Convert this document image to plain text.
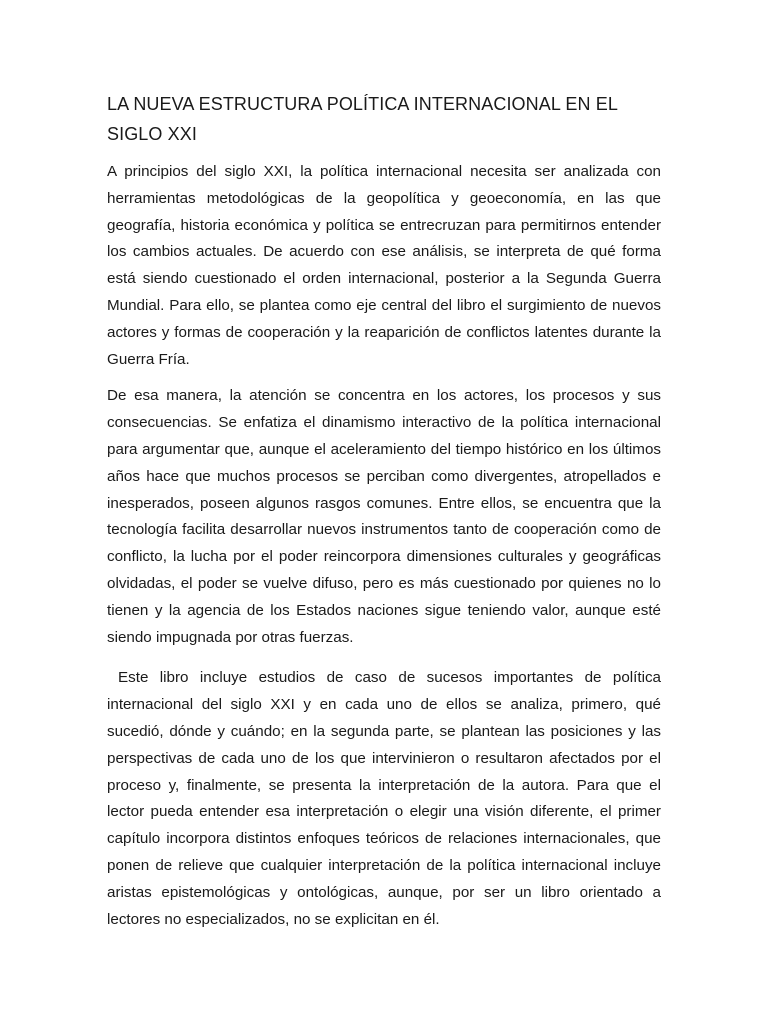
LA NUEVA ESTRUCTURA POLÍTICA INTERNACIONAL EN EL SIGLO XXI

A principios del siglo XXI, la política internacional necesita ser analizada con herramientas metodológicas de la geopolítica y geoeconomía, en las que geografía, historia económica y política se entrecruzan para permitirnos entender los cambios actuales. De acuerdo con ese análisis, se interpreta de qué forma está siendo cuestionado el orden internacional, posterior a la Segunda Guerra Mundial. Para ello, se plantea como eje central del libro el surgimiento de nuevos actores y formas de cooperación y la reaparición de conflictos latentes durante la Guerra Fría.

De esa manera, la atención se concentra en los actores, los procesos y sus consecuencias. Se enfatiza el dinamismo interactivo de la política internacional para argumentar que, aunque el aceleramiento del tiempo histórico en los últimos años hace que muchos procesos se perciban como divergentes, atropellados e inesperados, poseen algunos rasgos comunes. Entre ellos, se encuentra que la tecnología facilita desarrollar nuevos instrumentos tanto de cooperación como de conflicto, la lucha por el poder reincorpora dimensiones culturales y geográficas olvidadas, el poder se vuelve difuso, pero es más cuestionado por quienes no lo tienen y la agencia de los Estados naciones sigue teniendo valor, aunque esté siendo impugnada por otras fuerzas.

Este libro incluye estudios de caso de sucesos importantes de política internacional del siglo XXI y en cada uno de ellos se analiza, primero, qué sucedió, dónde y cuándo; en la segunda parte, se plantean las posiciones y las perspectivas de cada uno de los que intervinieron o resultaron afectados por el proceso y, finalmente, se presenta la interpretación de la autora. Para que el lector pueda entender esa interpretación o elegir una visión diferente, el primer capítulo incorpora distintos enfoques teóricos de relaciones internacionales, que ponen de relieve que cualquier interpretación de la política internacional incluye aristas epistemológicas y ontológicas, aunque, por ser un libro orientado a lectores no especializados, no se explicitan en él.
